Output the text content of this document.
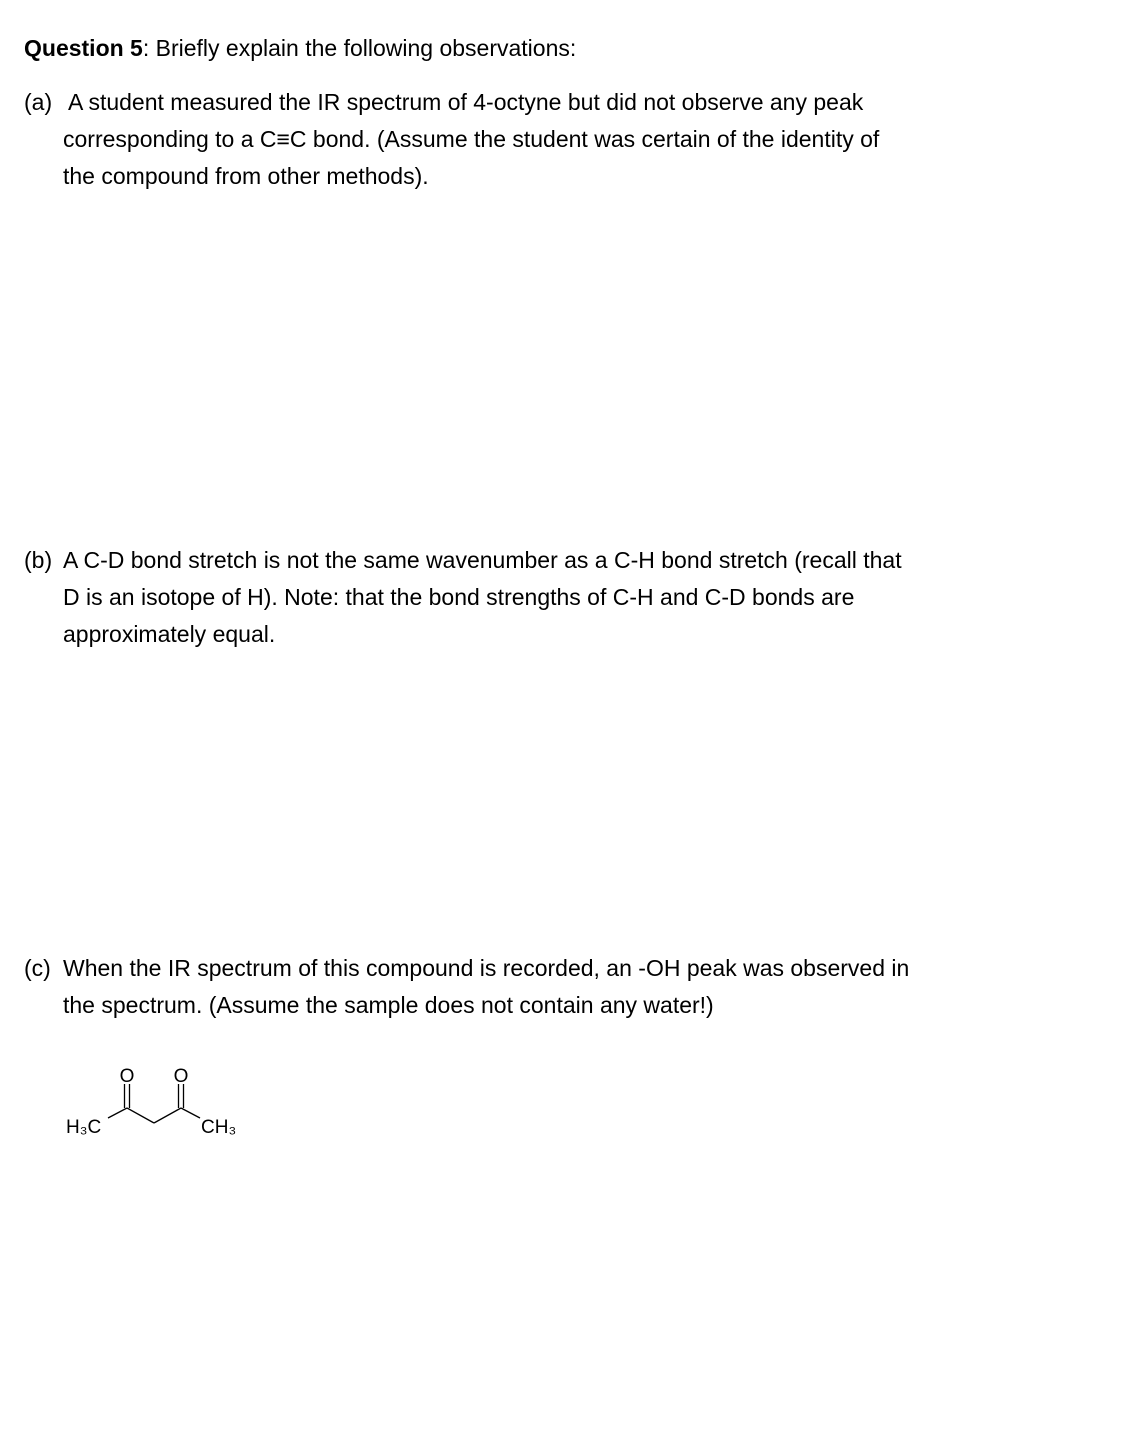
Question 5: Briefly explain the following observations:
(a) A student measured the IR spectrum of 4-octyne but did not observe any peak
corresponding to a C≡C bond. (Assume the student was certain of the identity of
the compound from other methods).
(b) A C-D bond stretch is not the same wavenumber as a C-H bond stretch (recall that
D is an isotope of H). Note: that the bond strengths of C-H and C-D bonds are
approximately equal.
(c) When the IR spectrum of this compound is recorded, an -OH peak was observed in
the spectrum. (Assume the sample does not contain any water!)
O O
H₃C	CH₃
